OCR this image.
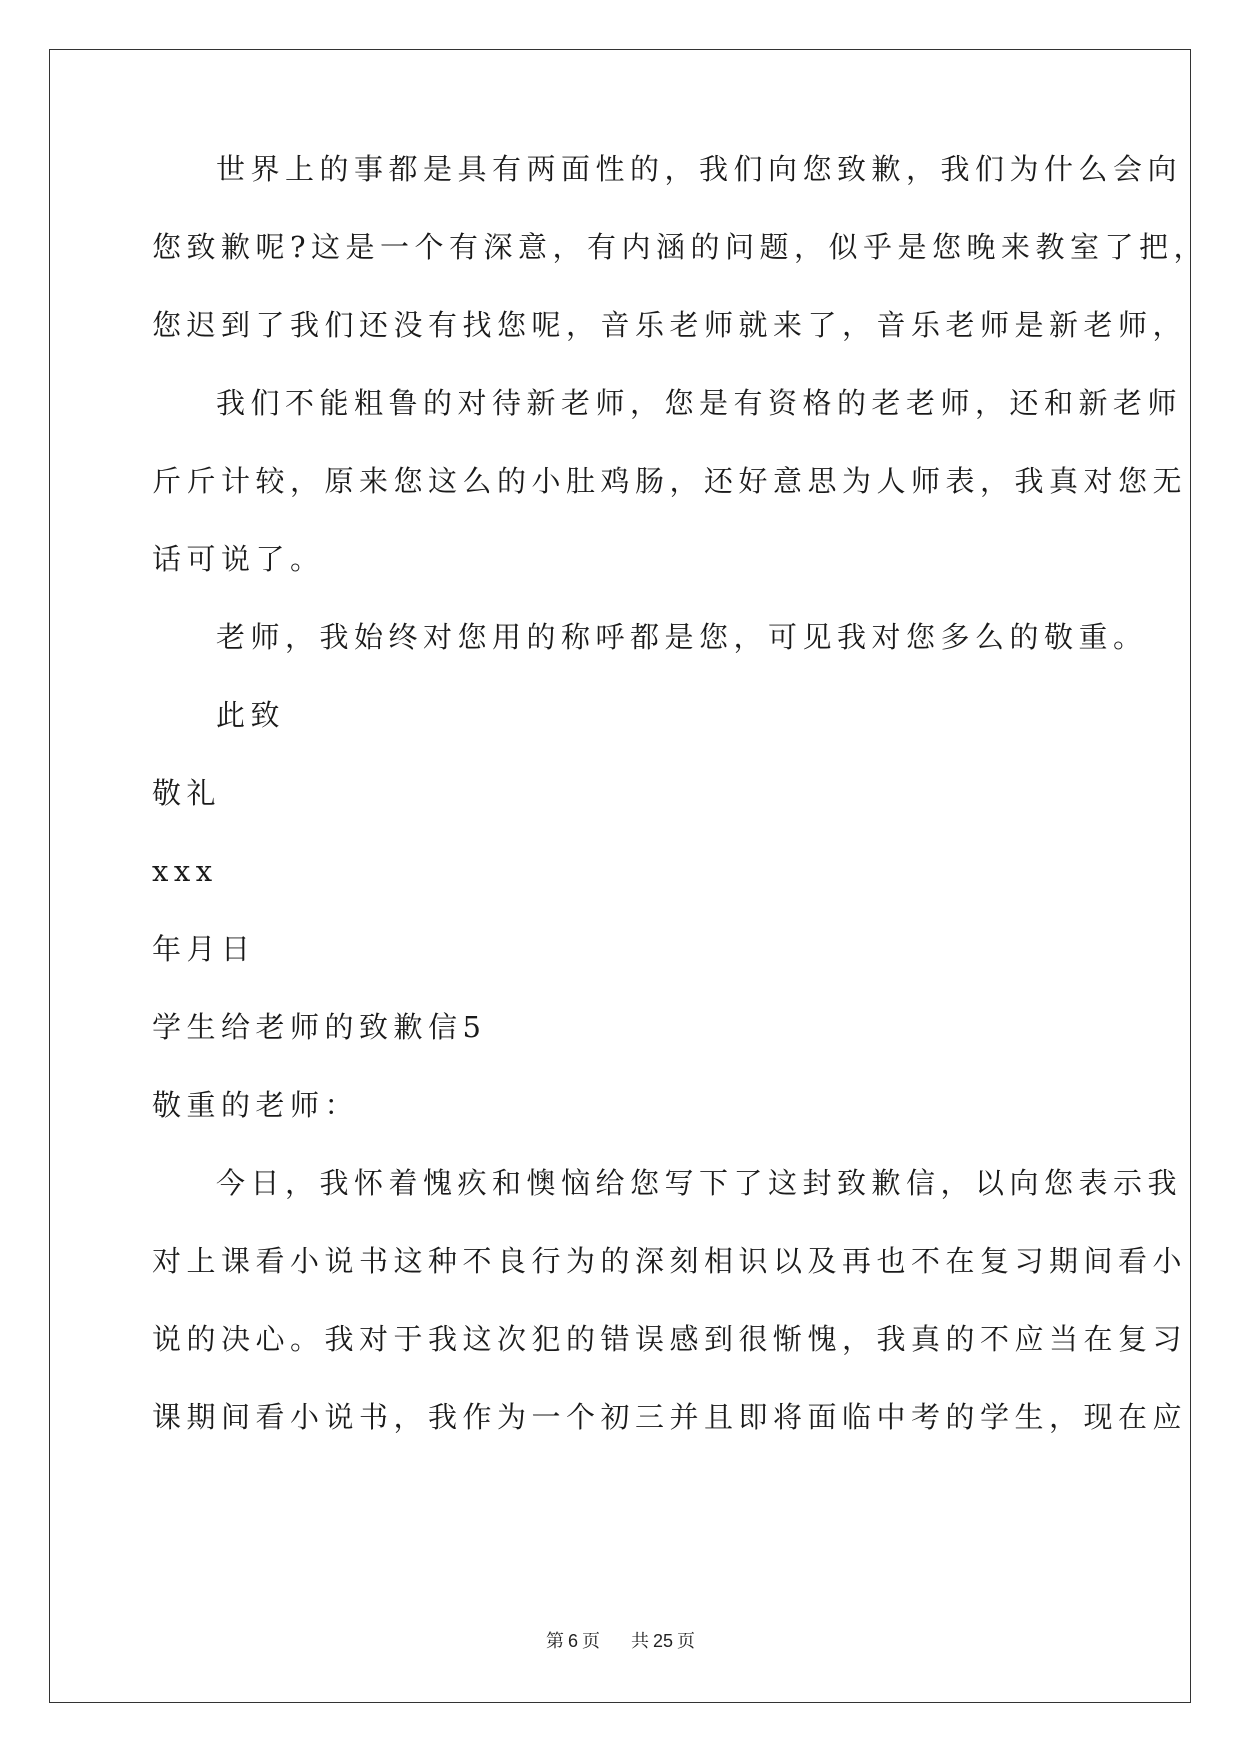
世界上的事都是具有两面性的，我们向您致歉，我们为什么会向
您致歉呢?这是一个有深意，有内涵的问题，似乎是您晚来教室了把，
您迟到了我们还没有找您呢，音乐老师就来了，音乐老师是新老师，
我们不能粗鲁的对待新老师，您是有资格的老老师，还和新老师
斤斤计较，原来您这么的小肚鸡肠，还好意思为人师表，我真对您无
话可说了。
老师，我始终对您用的称呼都是您，可见我对您多么的敬重。
此致
敬礼
xxx
年月日
学生给老师的致歉信5
敬重的老师：
今日，我怀着愧疚和懊恼给您写下了这封致歉信，以向您表示我
对上课看小说书这种不良行为的深刻相识以及再也不在复习期间看小
说的决心。我对于我这次犯的错误感到很惭愧，我真的不应当在复习
课期间看小说书，我作为一个初三并且即将面临中考的学生，现在应
第 6 页 共 25 页
